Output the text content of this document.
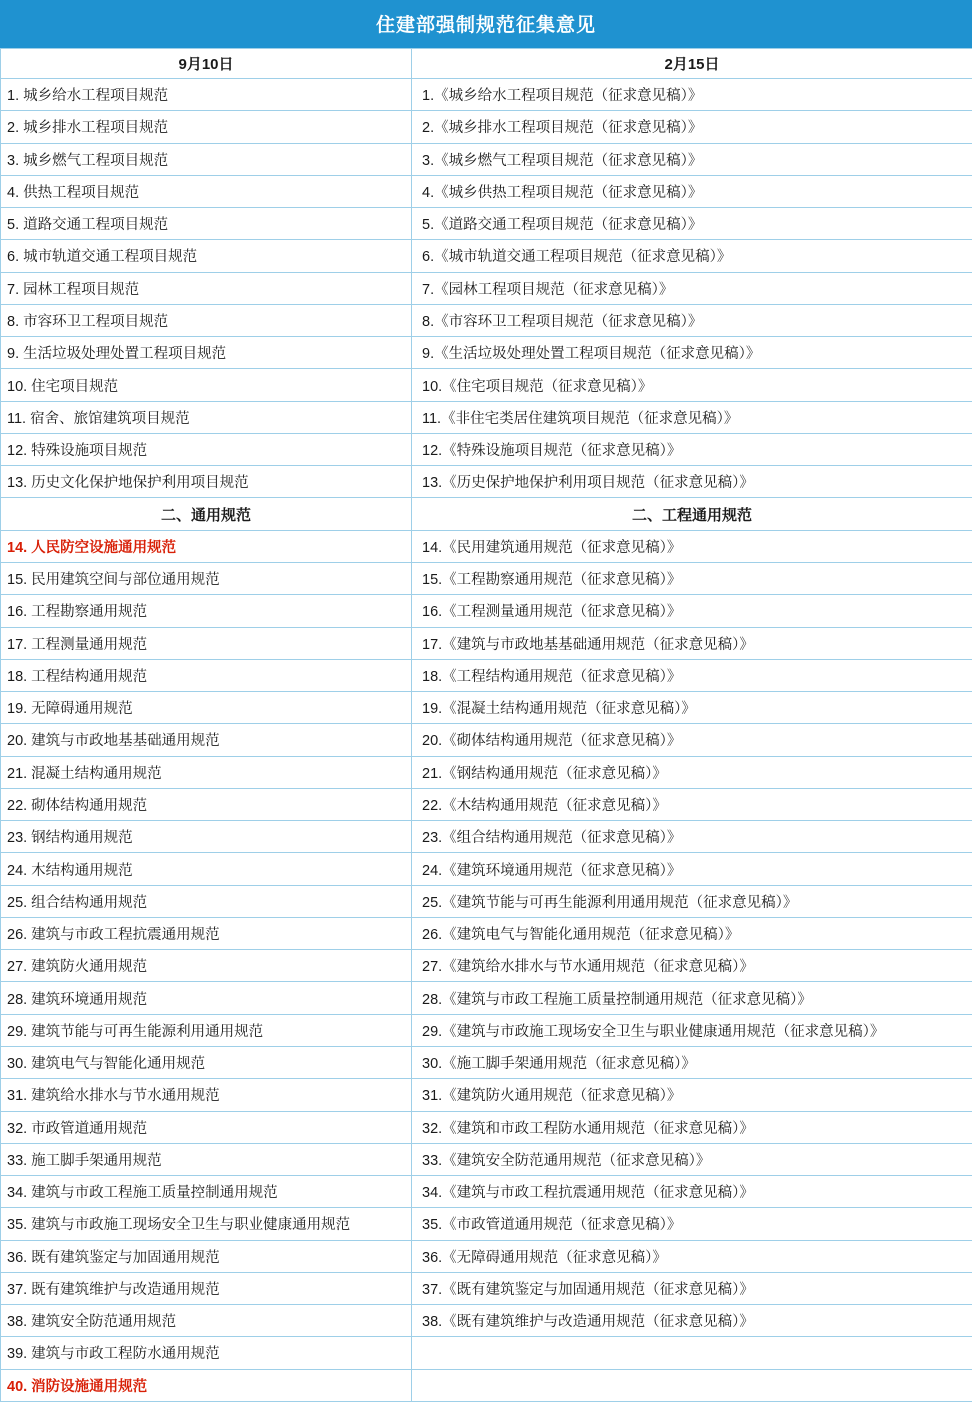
住建部强制规范征集意见
9月10日	2月15日
1. 城乡给水工程项目规范	1.《城乡给水工程项目规范（征求意见稿）》
2. 城乡排水工程项目规范	2.《城乡排水工程项目规范（征求意见稿）》
3. 城乡燃气工程项目规范	3.《城乡燃气工程项目规范（征求意见稿）》
4. 供热工程项目规范	4.《城乡供热工程项目规范（征求意见稿）》
5. 道路交通工程项目规范	5.《道路交通工程项目规范（征求意见稿）》
6. 城市轨道交通工程项目规范	6.《城市轨道交通工程项目规范（征求意见稿）》
7. 园林工程项目规范	7.《园林工程项目规范（征求意见稿）》
8. 市容环卫工程项目规范	8.《市容环卫工程项目规范（征求意见稿）》
9. 生活垃圾处理处置工程项目规范	9.《生活垃圾处理处置工程项目规范（征求意见稿）》
10. 住宅项目规范	10.《住宅项目规范（征求意见稿）》
11. 宿舍、旅馆建筑项目规范	11.《非住宅类居住建筑项目规范（征求意见稿）》
12. 特殊设施项目规范	12.《特殊设施项目规范（征求意见稿）》
13. 历史文化保护地保护利用项目规范	13.《历史保护地保护利用项目规范（征求意见稿）》
二、通用规范	二、工程通用规范
14. 人民防空设施通用规范	14.《民用建筑通用规范（征求意见稿）》
15. 民用建筑空间与部位通用规范	15.《工程勘察通用规范（征求意见稿）》
16. 工程勘察通用规范	16.《工程测量通用规范（征求意见稿）》
17. 工程测量通用规范	17.《建筑与市政地基基础通用规范（征求意见稿）》
18. 工程结构通用规范	18.《工程结构通用规范（征求意见稿）》
19. 无障碍通用规范	19.《混凝土结构通用规范（征求意见稿）》
20. 建筑与市政地基基础通用规范	20.《砌体结构通用规范（征求意见稿）》
21. 混凝土结构通用规范	21.《钢结构通用规范（征求意见稿）》
22. 砌体结构通用规范	22.《木结构通用规范（征求意见稿）》
23. 钢结构通用规范	23.《组合结构通用规范（征求意见稿）》
24. 木结构通用规范	24.《建筑环境通用规范（征求意见稿）》
25. 组合结构通用规范	25.《建筑节能与可再生能源利用通用规范（征求意见稿）》
26. 建筑与市政工程抗震通用规范	26.《建筑电气与智能化通用规范（征求意见稿）》
27. 建筑防火通用规范	27.《建筑给水排水与节水通用规范（征求意见稿）》
28. 建筑环境通用规范	28.《建筑与市政工程施工质量控制通用规范（征求意见稿）》
29. 建筑节能与可再生能源利用通用规范	29.《建筑与市政施工现场安全卫生与职业健康通用规范（征求意见稿）》
30. 建筑电气与智能化通用规范	30.《施工脚手架通用规范（征求意见稿）》
31. 建筑给水排水与节水通用规范	31.《建筑防火通用规范（征求意见稿）》
32. 市政管道通用规范	32.《建筑和市政工程防水通用规范（征求意见稿）》
33. 施工脚手架通用规范	33.《建筑安全防范通用规范（征求意见稿）》
34. 建筑与市政工程施工质量控制通用规范	34.《建筑与市政工程抗震通用规范（征求意见稿）》
35. 建筑与市政施工现场安全卫生与职业健康通用规范	35.《市政管道通用规范（征求意见稿）》
36. 既有建筑鉴定与加固通用规范	36.《无障碍通用规范（征求意见稿）》
37. 既有建筑维护与改造通用规范	37.《既有建筑鉴定与加固通用规范（征求意见稿）》
38. 建筑安全防范通用规范	38.《既有建筑维护与改造通用规范（征求意见稿）》
39. 建筑与市政工程防水通用规范	
40. 消防设施通用规范	
